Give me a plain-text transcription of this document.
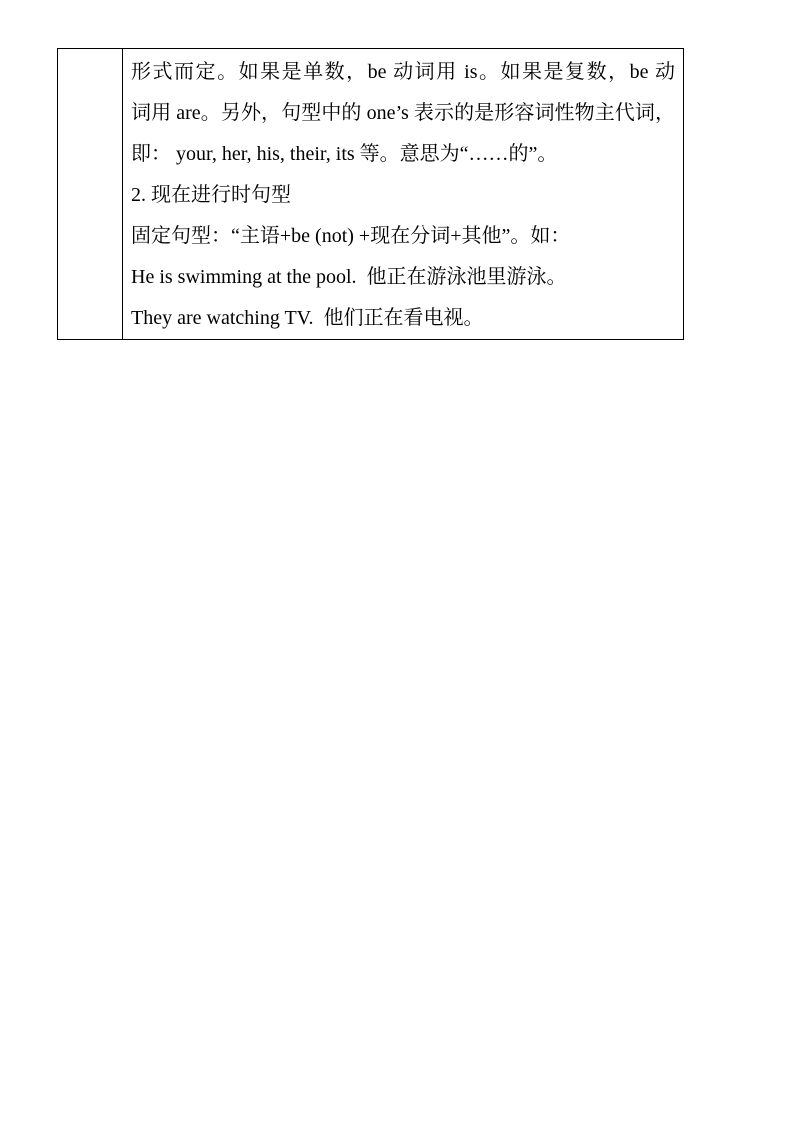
形式而定。如果是单数，be 动词用 is。如果是复数，be 动
词用 are。另外，句型中的 one’s 表示的是形容词性物主代词，
即： your, her, his, their, its 等。意思为“……的”。
2. 现在进行时句型
固定句型：“主语+be (not) +现在分词+其他”。如：
He is swimming at the pool.  他正在游泳池里游泳。
They are watching TV.  他们正在看电视。
